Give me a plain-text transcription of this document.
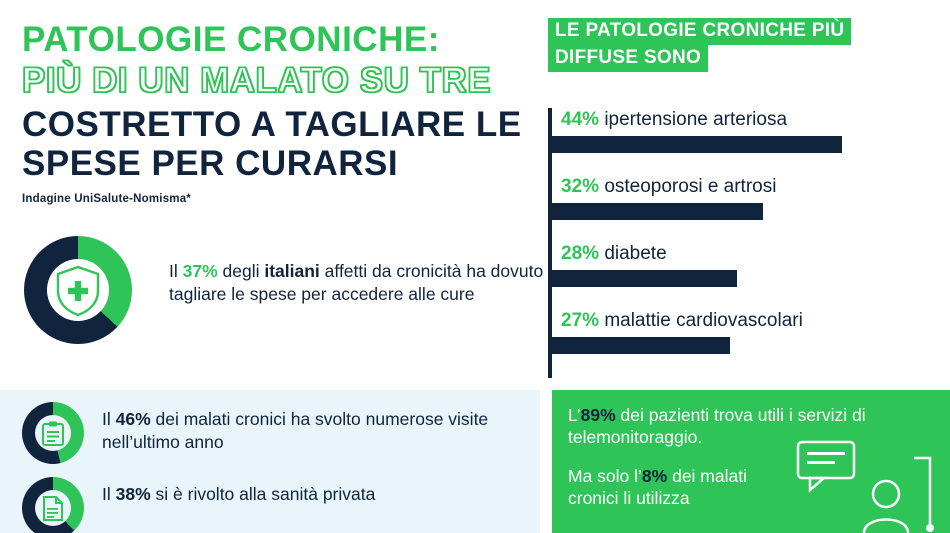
PATOLOGIE CRONICHE:
PIÙ DI UN MALATO SU TRE
COSTRETTO A TAGLIARE LE
SPESE PER CURARSI
Indagine UniSalute-Nomisma*
Il 37% degli italiani affetti da cronicità ha dovuto tagliare le spese per accedere alle cure
LE PATOLOGIE CRONICHE PIÙ
DIFFUSE SONO
44% ipertensione arteriosa
32% osteoporosi e artrosi
28% diabete
27% malattie cardiovascolari
Il 46% dei malati cronici ha svolto numerose visite nell’ultimo anno
Il 38% si è rivolto alla sanità privata
L’89% dei pazienti trova utili i servizi di telemonitoraggio.
Ma solo l’8% dei malati cronici li utilizza
